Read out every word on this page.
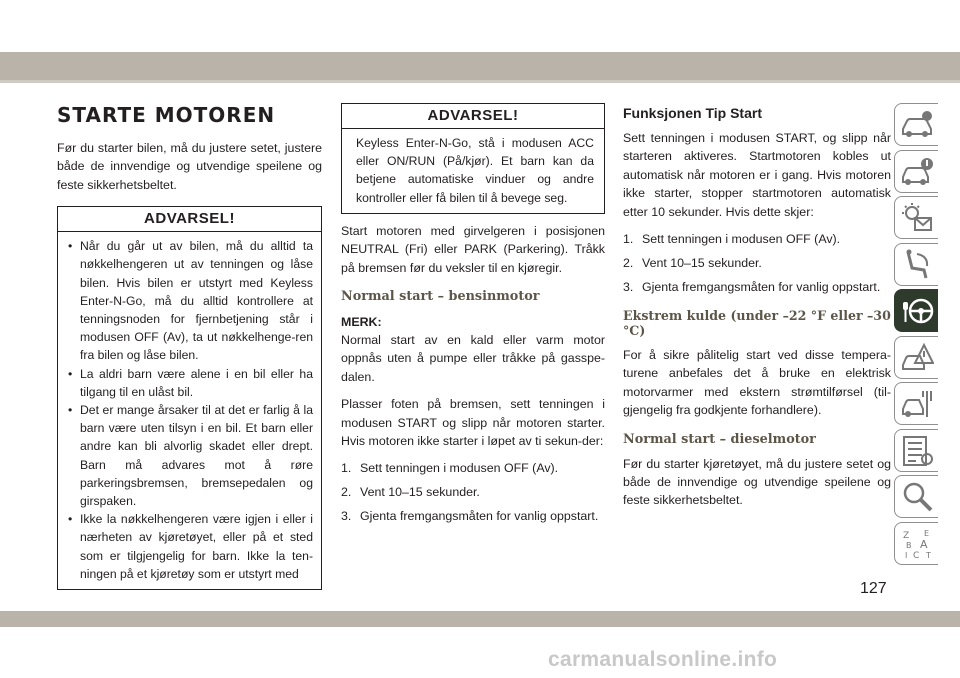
STARTE MOTOREN

Før du starter bilen, må du justere setet, justere både de innvendige og utvendige speilene og feste sikkerhetsbeltet.

ADVARSEL!
• Når du går ut av bilen, må du alltid ta nøkkelhengeren ut av tenningen og låse bilen. Hvis bilen er utstyrt med Keyless Enter-N-Go, må du alltid kontrollere at tenningsnoden for fjernbetjening står i modusen OFF (Av), ta ut nøkkelhenge-ren fra bilen og låse bilen.
• La aldri barn være alene i en bil eller ha tilgang til en ulåst bil.
• Det er mange årsaker til at det er farlig å la barn være uten tilsyn i en bil. Et barn eller andre kan bli alvorlig skadet eller drept. Barn må advares mot å røre parkeringsbremsen, bremsepedalen og girspaken.
• Ikke la nøkkelhengeren være igjen i eller i nærheten av kjøretøyet, eller på et sted som er tilgjengelig for barn. Ikke la ten-ningen på et kjøretøy som er utstyrt med
ADVARSEL!
Keyless Enter-N-Go, stå i modusen ACC eller ON/RUN (På/kjør). Et barn kan da betjene automatiske vinduer og andre kontroller eller få bilen til å bevege seg.

Start motoren med girvelgeren i posisjonen NEUTRAL (Fri) eller PARK (Parkering). Tråkk på bremsen før du veksler til en kjøregir.

Normal start – bensinmotor
MERK:

Normal start av en kald eller varm motor oppnås uten å pumpe eller tråkke på gasspe-dalen.

Plasser foten på bremsen, sett tenningen i modusen START og slipp når motoren starter. Hvis motoren ikke starter i løpet av ti sekun-der:

1. Sett tenningen i modusen OFF (Av).
2. Vent 10–15 sekunder.
3. Gjenta fremgangsmåten for vanlig oppstart.
Funksjonen Tip Start

Sett tenningen i modusen START, og slipp når starteren aktiveres. Startmotoren kobles ut automatisk når motoren er i gang. Hvis motoren ikke starter, stopper startmotoren automatisk etter 10 sekunder. Hvis dette skjer:

1. Sett tenningen i modusen OFF (Av).
2. Vent 10–15 sekunder.
3. Gjenta fremgangsmåten for vanlig oppstart.
Ekstrem kulde (under –22 °F eller –30 °C)

For å sikre pålitelig start ved disse tempera-turene anbefales det å bruke en elektrisk motorvarmer med ekstern strømtilførsel (til-gjengelig fra godkjente forhandlere).

Normal start – dieselmotor

Før du starter kjøretøyet, må du justere setet og både de innvendige og utvendige speilene og feste sikkerhetsbeltet.

Z E
B A
C
I T
127
carmanualsonline.info
